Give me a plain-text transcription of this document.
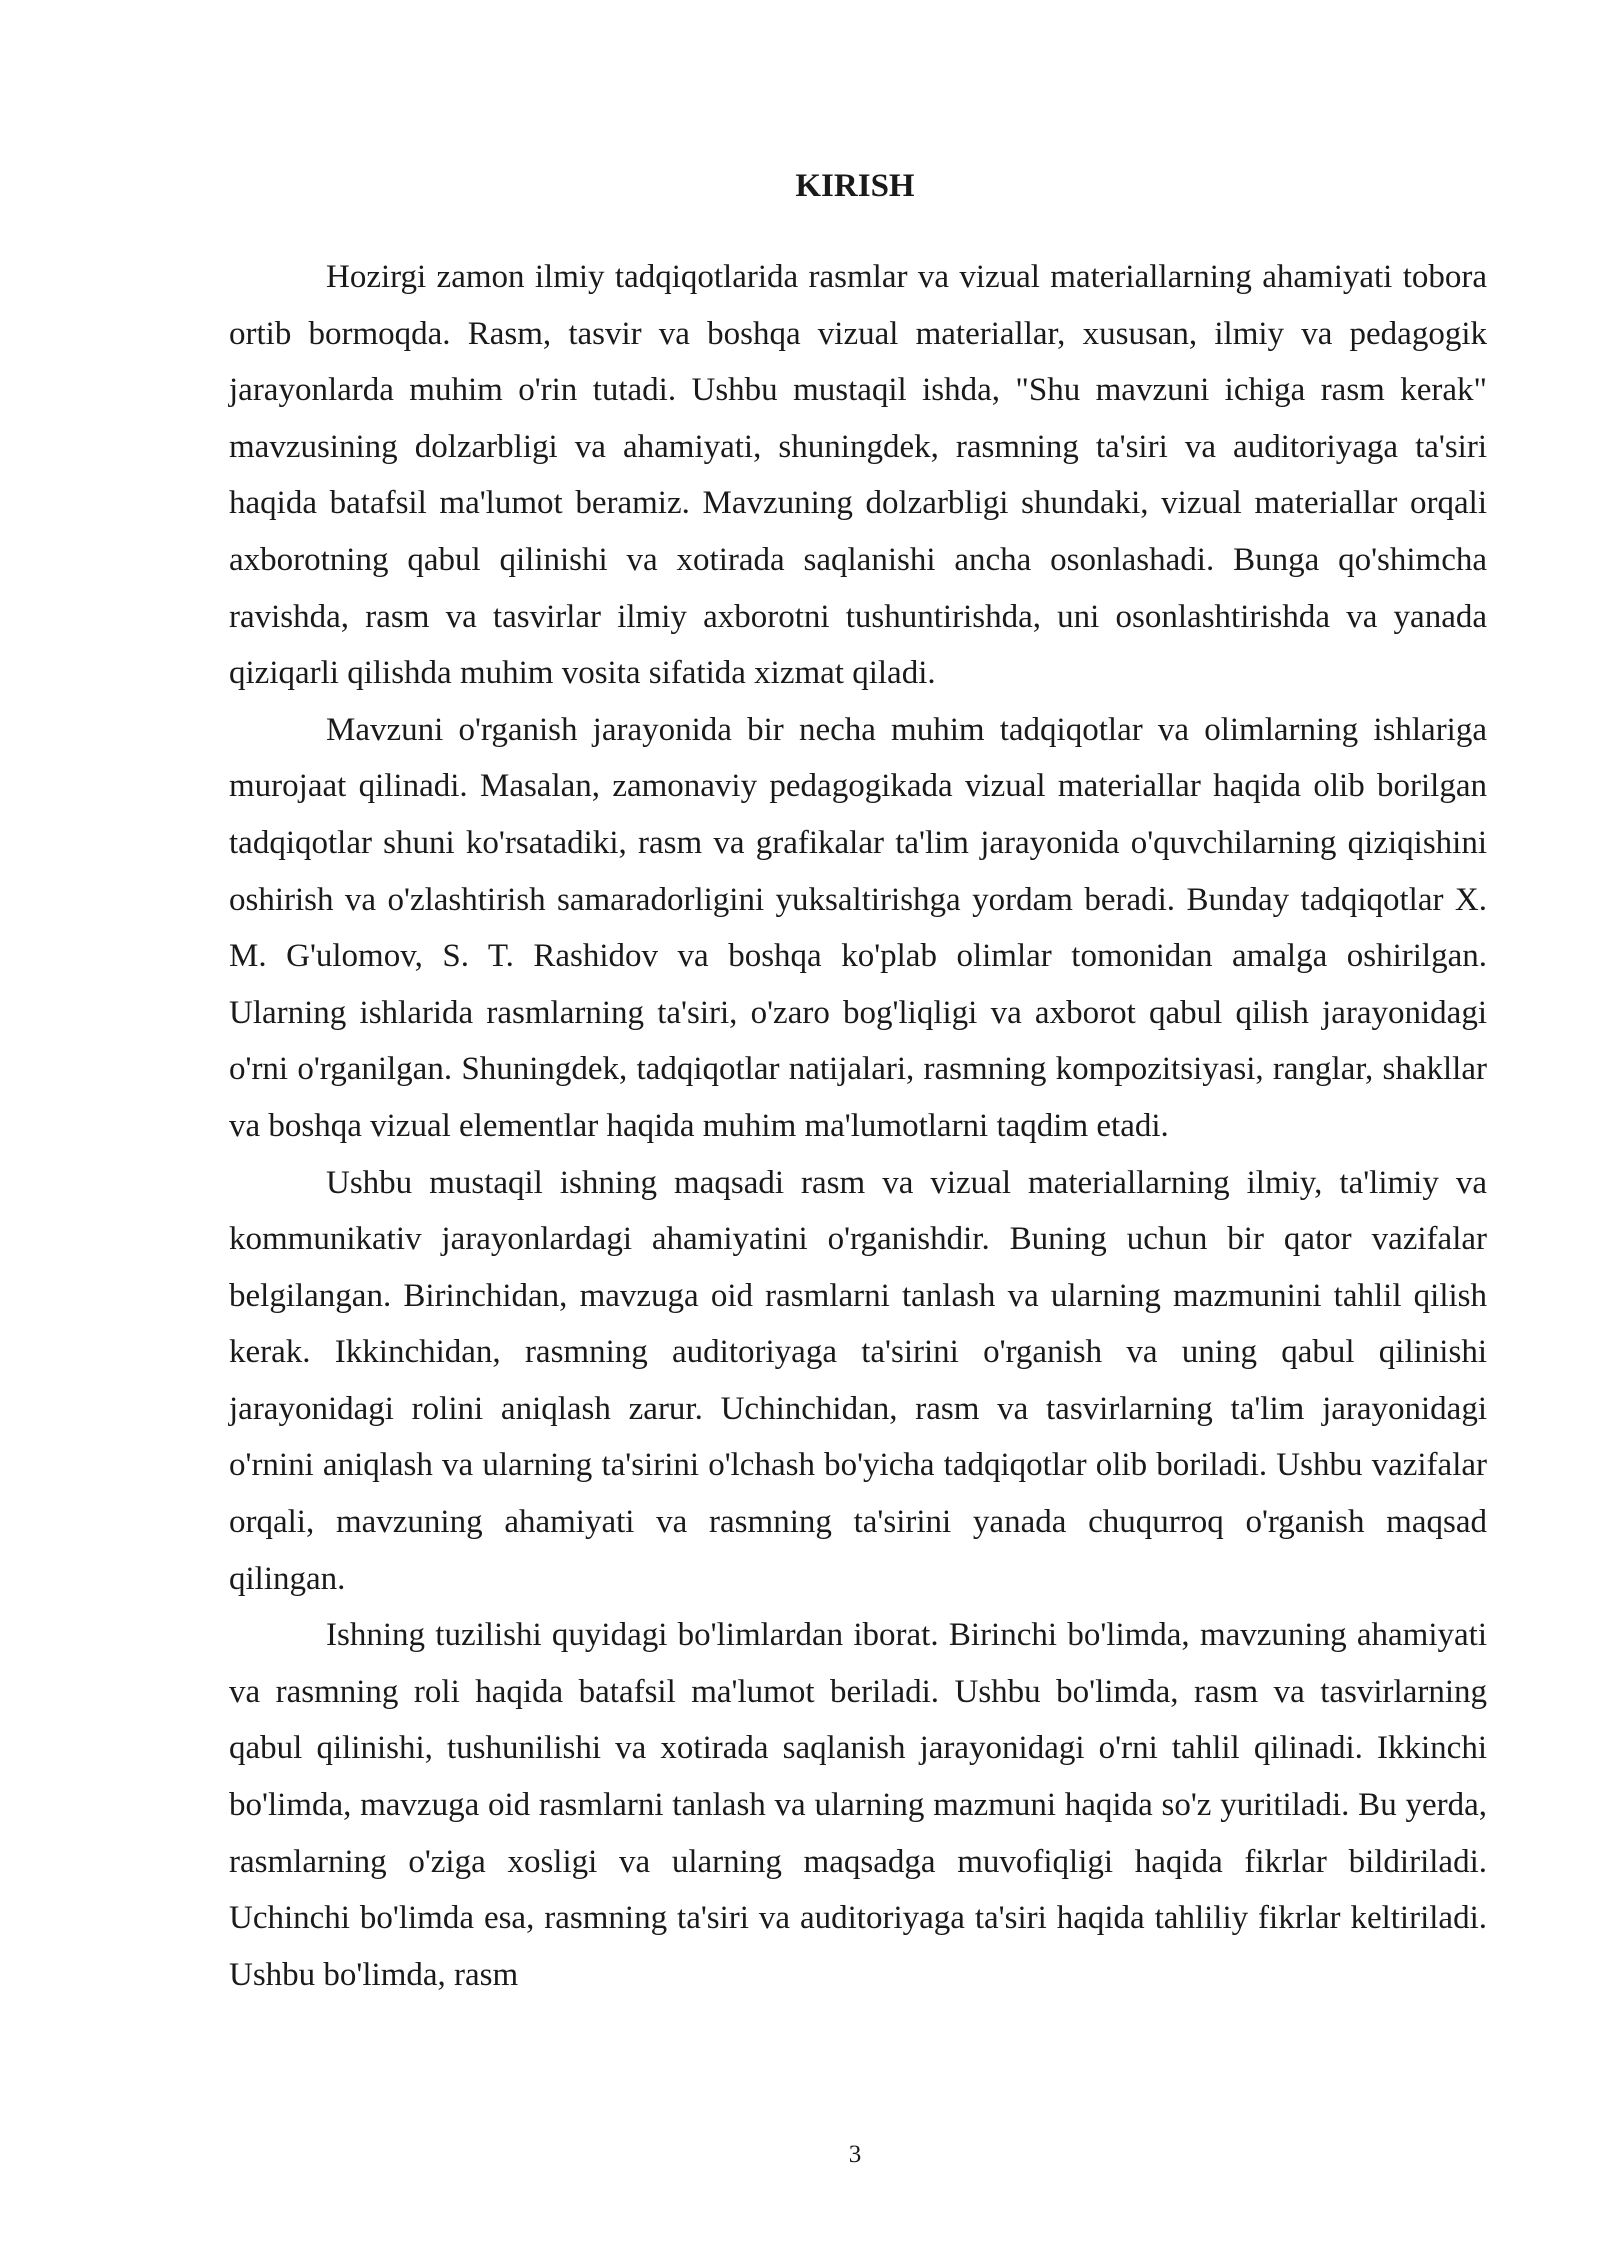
KIRISH

Hozirgi zamon ilmiy tadqiqotlarida rasmlar va vizual materiallarning ahamiyati tobora ortib bormoqda. Rasm, tasvir va boshqa vizual materiallar, xususan, ilmiy va pedagogik jarayonlarda muhim o'rin tutadi. Ushbu mustaqil ishda, "Shu mavzuni ichiga rasm kerak" mavzusining dolzarbligi va ahamiyati, shuningdek, rasmning ta'siri va auditoriyaga ta'siri haqida batafsil ma'lumot beramiz. Mavzuning dolzarbligi shundaki, vizual materiallar orqali axborotning qabul qilinishi va xotirada saqlanishi ancha osonlashadi. Bunga qo'shimcha ravishda, rasm va tasvirlar ilmiy axborotni tushuntirishda, uni osonlashtirishda va yanada qiziqarli qilishda muhim vosita sifatida xizmat qiladi.

Mavzuni o'rganish jarayonida bir necha muhim tadqiqotlar va olimlarning ishlariga murojaat qilinadi. Masalan, zamonaviy pedagogikada vizual materiallar haqida olib borilgan tadqiqotlar shuni ko'rsatadiki, rasm va grafikalar ta'lim jarayonida o'quvchilarning qiziqishini oshirish va o'zlashtirish samaradorligini yuksaltirishga yordam beradi. Bunday tadqiqotlar X. M. G'ulomov, S. T. Rashidov va boshqa ko'plab olimlar tomonidan amalga oshirilgan. Ularning ishlarida rasmlarning ta'siri, o'zaro bog'liqligi va axborot qabul qilish jarayonidagi o'rni o'rganilgan. Shuningdek, tadqiqotlar natijalari, rasmning kompozitsiyasi, ranglar, shakllar va boshqa vizual elementlar haqida muhim ma'lumotlarni taqdim etadi.

Ushbu mustaqil ishning maqsadi rasm va vizual materiallarning ilmiy, ta'limiy va kommunikativ jarayonlardagi ahamiyatini o'rganishdir. Buning uchun bir qator vazifalar belgilangan. Birinchidan, mavzuga oid rasmlarni tanlash va ularning mazmunini tahlil qilish kerak. Ikkinchidan, rasmning auditoriyaga ta'sirini o'rganish va uning qabul qilinishi jarayonidagi rolini aniqlash zarur. Uchinchidan, rasm va tasvirlarning ta'lim jarayonidagi o'rnini aniqlash va ularning ta'sirini o'lchash bo'yicha tadqiqotlar olib boriladi. Ushbu vazifalar orqali, mavzuning ahamiyati va rasmning ta'sirini yanada chuqurroq o'rganish maqsad qilingan.

Ishning tuzilishi quyidagi bo'limlardan iborat. Birinchi bo'limda, mavzuning ahamiyati va rasmning roli haqida batafsil ma'lumot beriladi. Ushbu bo'limda, rasm va tasvirlarning qabul qilinishi, tushunilishi va xotirada saqlanish jarayonidagi o'rni tahlil qilinadi. Ikkinchi bo'limda, mavzuga oid rasmlarni tanlash va ularning mazmuni haqida so'z yuritiladi. Bu yerda, rasmlarning o'ziga xosligi va ularning maqsadga muvofiqligi haqida fikrlar bildiriladi. Uchinchi bo'limda esa, rasmning ta'siri va auditoriyaga ta'siri haqida tahliliy fikrlar keltiriladi. Ushbu bo'limda, rasm

3
